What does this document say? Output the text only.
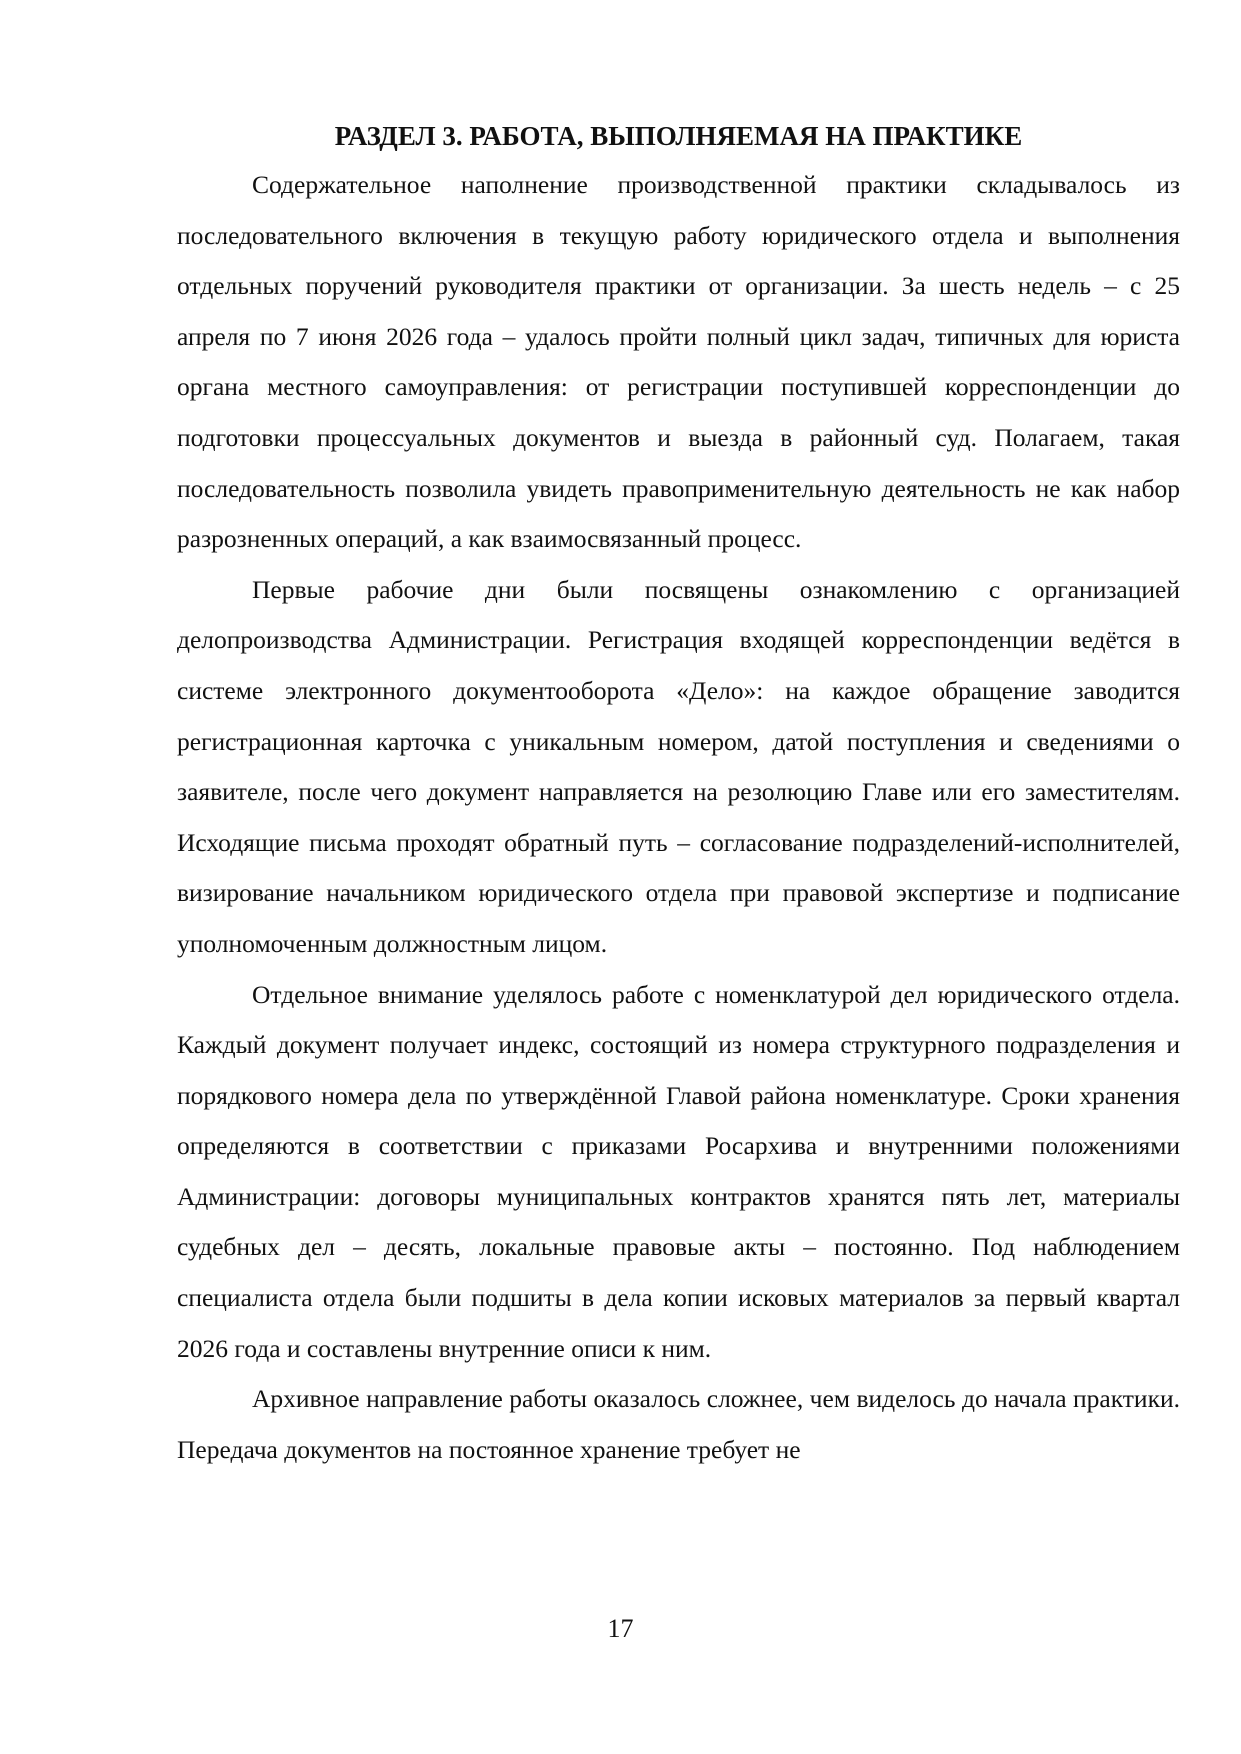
РАЗДЕЛ 3. РАБОТА, ВЫПОЛНЯЕМАЯ НА ПРАКТИКЕ

Содержательное наполнение производственной практики складывалось из последовательного включения в текущую работу юридического отдела и выполнения отдельных поручений руководителя практики от организации. За шесть недель – с 25 апреля по 7 июня 2026 года – удалось пройти полный цикл задач, типичных для юриста органа местного самоуправления: от регистрации поступившей корреспонденции до подготовки процессуальных документов и выезда в районный суд. Полагаем, такая последовательность позволила увидеть правоприменительную деятельность не как набор разрозненных операций, а как взаимосвязанный процесс.

Первые рабочие дни были посвящены ознакомлению с организацией делопроизводства Администрации. Регистрация входящей корреспонденции ведётся в системе электронного документооборота «Дело»: на каждое обращение заводится регистрационная карточка с уникальным номером, датой поступления и сведениями о заявителе, после чего документ направляется на резолюцию Главе или его заместителям. Исходящие письма проходят обратный путь – согласование подразделений-исполнителей, визирование начальником юридического отдела при правовой экспертизе и подписание уполномоченным должностным лицом.

Отдельное внимание уделялось работе с номенклатурой дел юридического отдела. Каждый документ получает индекс, состоящий из номера структурного подразделения и порядкового номера дела по утверждённой Главой района номенклатуре. Сроки хранения определяются в соответствии с приказами Росархива и внутренними положениями Администрации: договоры муниципальных контрактов хранятся пять лет, материалы судебных дел – десять, локальные правовые акты – постоянно. Под наблюдением специалиста отдела были подшиты в дела копии исковых материалов за первый квартал 2026 года и составлены внутренние описи к ним.

Архивное направление работы оказалось сложнее, чем виделось до начала практики. Передача документов на постоянное хранение требует не

17
